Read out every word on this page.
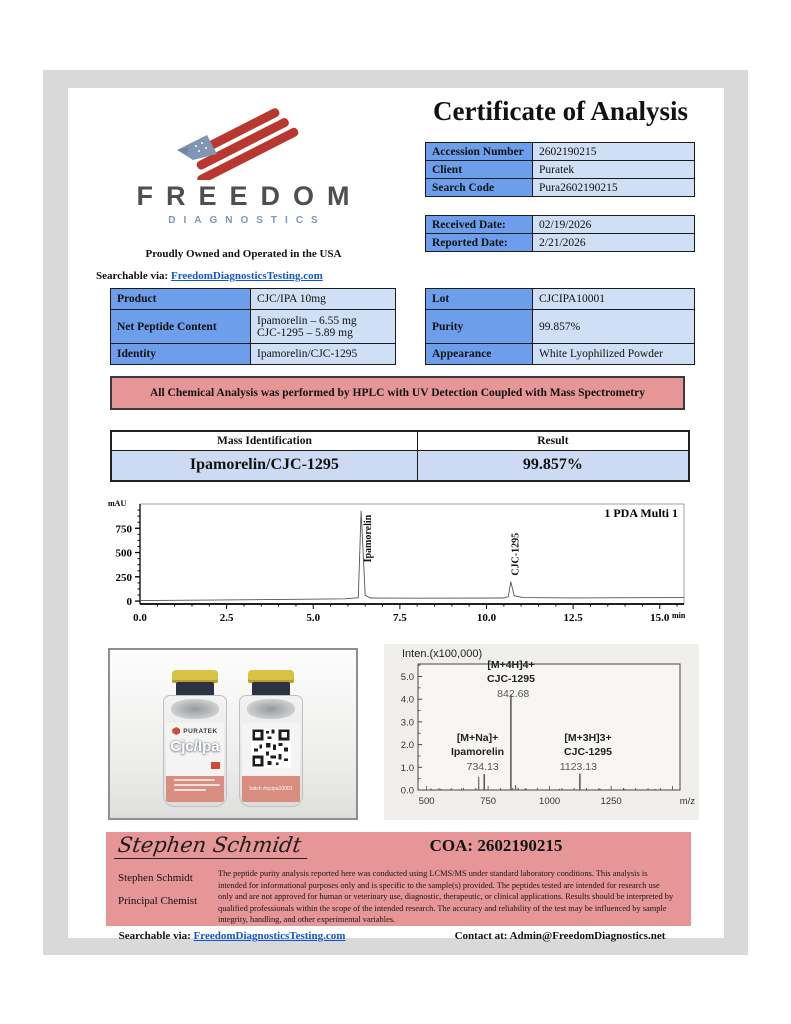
FREEDOM
DIAGNOSTICS
Proudly Owned and Operated in the USA
Searchable via: FreedomDiagnosticsTesting.com
Certificate of Analysis
Accession Number	2602190215
Client	Puratek
Search Code	Pura2602190215
Received Date:	02/19/2026
Reported Date:	2/21/2026
Product	CJC/IPA 10mg
Net Peptide Content	Ipamorelin – 6.55 mg
CJC-1295 – 5.89 mg
Identity	Ipamorelin/CJC-1295
Lot	CJCIPA10001
Purity	99.857%
Appearance	White Lyophilized Powder
All Chemical Analysis was performed by HPLC with UV Detection Coupled with Mass Spectrometry
Mass Identification	Result
Ipamorelin/CJC-1295	99.857%
0
250
500
750
0.0	2.5	5.0	7.5	10.0	12.5	15.0
mAU
min
1 PDA Multi 1
Ipamorelin	CJC-1295
PURATEK
Cjc/Ipa
batch #cjcipa10001
Inten.(x100,000)
0.0
1.0
2.0
3.0
4.0
5.0
500	750	1000	1250	m/z
[M+Na]+
Ipamorelin
734.13
[M+4H]4+
CJC-1295
842.68
[M+3H]3+
CJC-1295
1123.13
Stephen Schmidt	COA: 2602190215
Stephen Schmidt
Principal Chemist
The peptide purity analysis reported here was conducted using LCMS/MS under standard laboratory conditions. This analysis is intended for informational purposes only and is specific to the sample(s) provided. The peptides tested are intended for research use only and are not approved for human or veterinary use, diagnostic, therapeutic, or clinical applications. Results should be interpreted by qualified professionals within the scope of the intended research. The accuracy and reliability of the test may be influenced by sample integrity, handling, and other experimental variables.
Searchable via: FreedomDiagnosticsTesting.com	Contact at: Admin@FreedomDiagnostics.net
